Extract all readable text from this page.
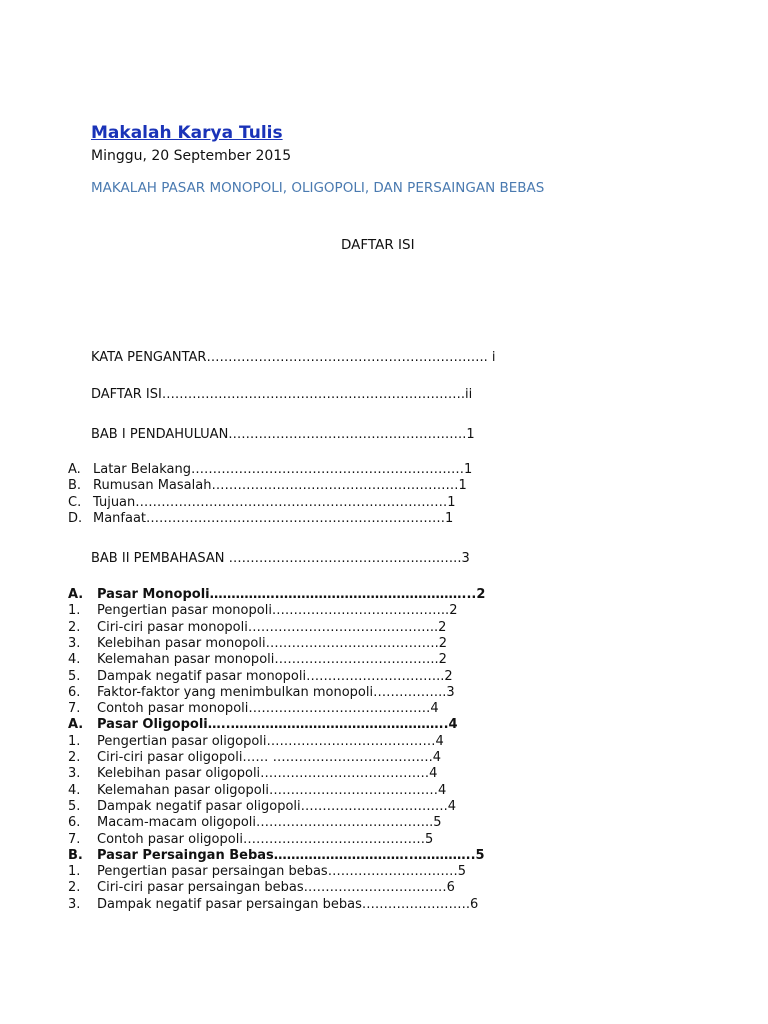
Makalah Karya Tulis
Minggu, 20 September 2015
MAKALAH PASAR MONOPOLI, OLIGOPOLI, DAN PERSAINGAN BEBAS
DAFTAR ISI
KATA PENGANTAR……………………………………………………….. i
DAFTAR ISI…………………………………………………………….ii
BAB I PENDAHULUAN……………………………………………….1
A. Latar Belakang………………………………………………………1
B. Rumusan Masalah…………………………………………………1
C. Tujuan………………………………………………………………1
D. Manfaat……………………………………………………………1
BAB II PEMBAHASAN ………………………………….…..….…..3
A. Pasar Monopoli…………….……………………………………...2
1. Pengertian pasar monopoli…………………………………..2
2. Ciri-ciri pasar monopoli……………………………………..2
3. Kelebihan pasar monopoli………………………………….2
4. Kelemahan pasar monopoli………………………………..2
5. Dampak negatif pasar monopoli…………………………..2
6. Faktor-faktor yang menimbulkan monopoli……………..3
7. Contoh pasar monopoli……………………………………4
A. Pasar Oligopoli…..…………………………………………..4
1. Pengertian pasar oligopoli…………………………………4
2. Ciri-ciri pasar oligopoli…… ……………………………….4
3. Kelebihan pasar oligopoli…………………………………4
4. Kelemahan pasar oligopoli…………………………………4
5. Dampak negatif pasar oligopoli…………………………….4
6. Macam-macam oligopoli…………………………………..5
7. Contoh pasar oligopoli……………………………………5
B. Pasar Persaingan Bebas…………………………..…………..5
1. Pengertian pasar persaingan bebas…………………………5
2. Ciri-ciri pasar persaingan bebas……………………………6
3. Dampak negatif pasar persaingan bebas…………………….6
